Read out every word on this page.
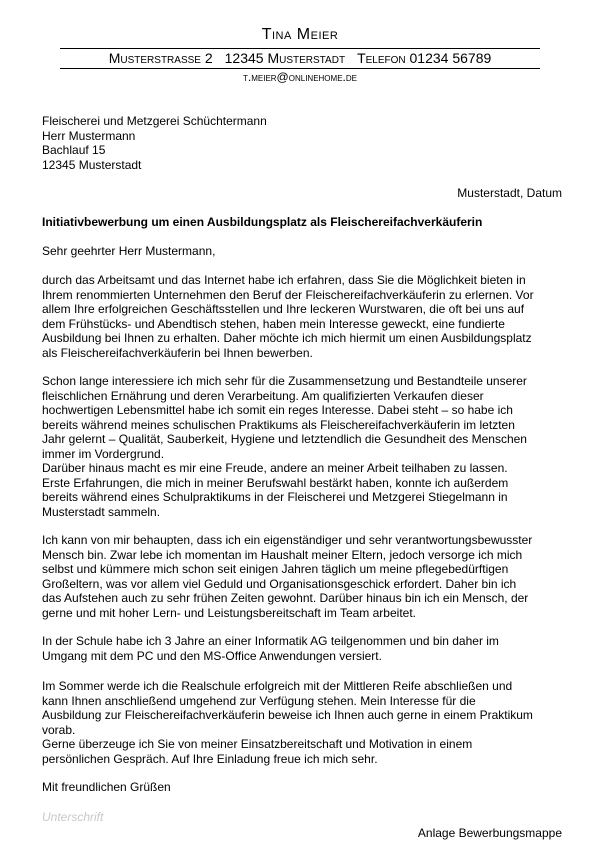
Tina Meier
Musterstrasse 2 12345 Musterstadt Telefon 01234 56789
t.meier@onlinehome.de
Fleischerei und Metzgerei Schüchtermann
Herr Mustermann
Bachlauf 15
12345 Musterstadt
Musterstadt, Datum
Initiativbewerbung um einen Ausbildungsplatz als Fleischereifachverkäuferin
Sehr geehrter Herr Mustermann,
durch das Arbeitsamt und das Internet habe ich erfahren, dass Sie die Möglichkeit bieten in
Ihrem renommierten Unternehmen den Beruf der Fleischereifachverkäuferin zu erlernen. Vor
allem Ihre erfolgreichen Geschäftsstellen und Ihre leckeren Wurstwaren, die oft bei uns auf
dem Frühstücks- und Abendtisch stehen, haben mein Interesse geweckt, eine fundierte
Ausbildung bei Ihnen zu erhalten. Daher möchte ich mich hiermit um einen Ausbildungsplatz
als Fleischereifachverkäuferin bei Ihnen bewerben.
Schon lange interessiere ich mich sehr für die Zusammensetzung und Bestandteile unserer
fleischlichen Ernährung und deren Verarbeitung. Am qualifizierten Verkaufen dieser
hochwertigen Lebensmittel habe ich somit ein reges Interesse. Dabei steht – so habe ich
bereits während meines schulischen Praktikums als Fleischereifachverkäuferin im letzten
Jahr gelernt – Qualität, Sauberkeit, Hygiene und letztendlich die Gesundheit des Menschen
immer im Vordergrund.
Darüber hinaus macht es mir eine Freude, andere an meiner Arbeit teilhaben zu lassen.
Erste Erfahrungen, die mich in meiner Berufswahl bestärkt haben, konnte ich außerdem
bereits während eines Schulpraktikums in der Fleischerei und Metzgerei Stiegelmann in
Musterstadt sammeln.
Ich kann von mir behaupten, dass ich ein eigenständiger und sehr verantwortungsbewusster
Mensch bin. Zwar lebe ich momentan im Haushalt meiner Eltern, jedoch versorge ich mich
selbst und kümmere mich schon seit einigen Jahren täglich um meine pflegebedürftigen
Großeltern, was vor allem viel Geduld und Organisationsgeschick erfordert. Daher bin ich
das Aufstehen auch zu sehr frühen Zeiten gewohnt. Darüber hinaus bin ich ein Mensch, der
gerne und mit hoher Lern- und Leistungsbereitschaft im Team arbeitet.
In der Schule habe ich 3 Jahre an einer Informatik AG teilgenommen und bin daher im
Umgang mit dem PC und den MS-Office Anwendungen versiert.
Im Sommer werde ich die Realschule erfolgreich mit der Mittleren Reife abschließen und
kann Ihnen anschließend umgehend zur Verfügung stehen. Mein Interesse für die
Ausbildung zur Fleischereifachverkäuferin beweise ich Ihnen auch gerne in einem Praktikum
vorab.
Gerne überzeuge ich Sie von meiner Einsatzbereitschaft und Motivation in einem
persönlichen Gespräch. Auf Ihre Einladung freue ich mich sehr.
Mit freundlichen Grüßen
Unterschrift
Anlage Bewerbungsmappe
